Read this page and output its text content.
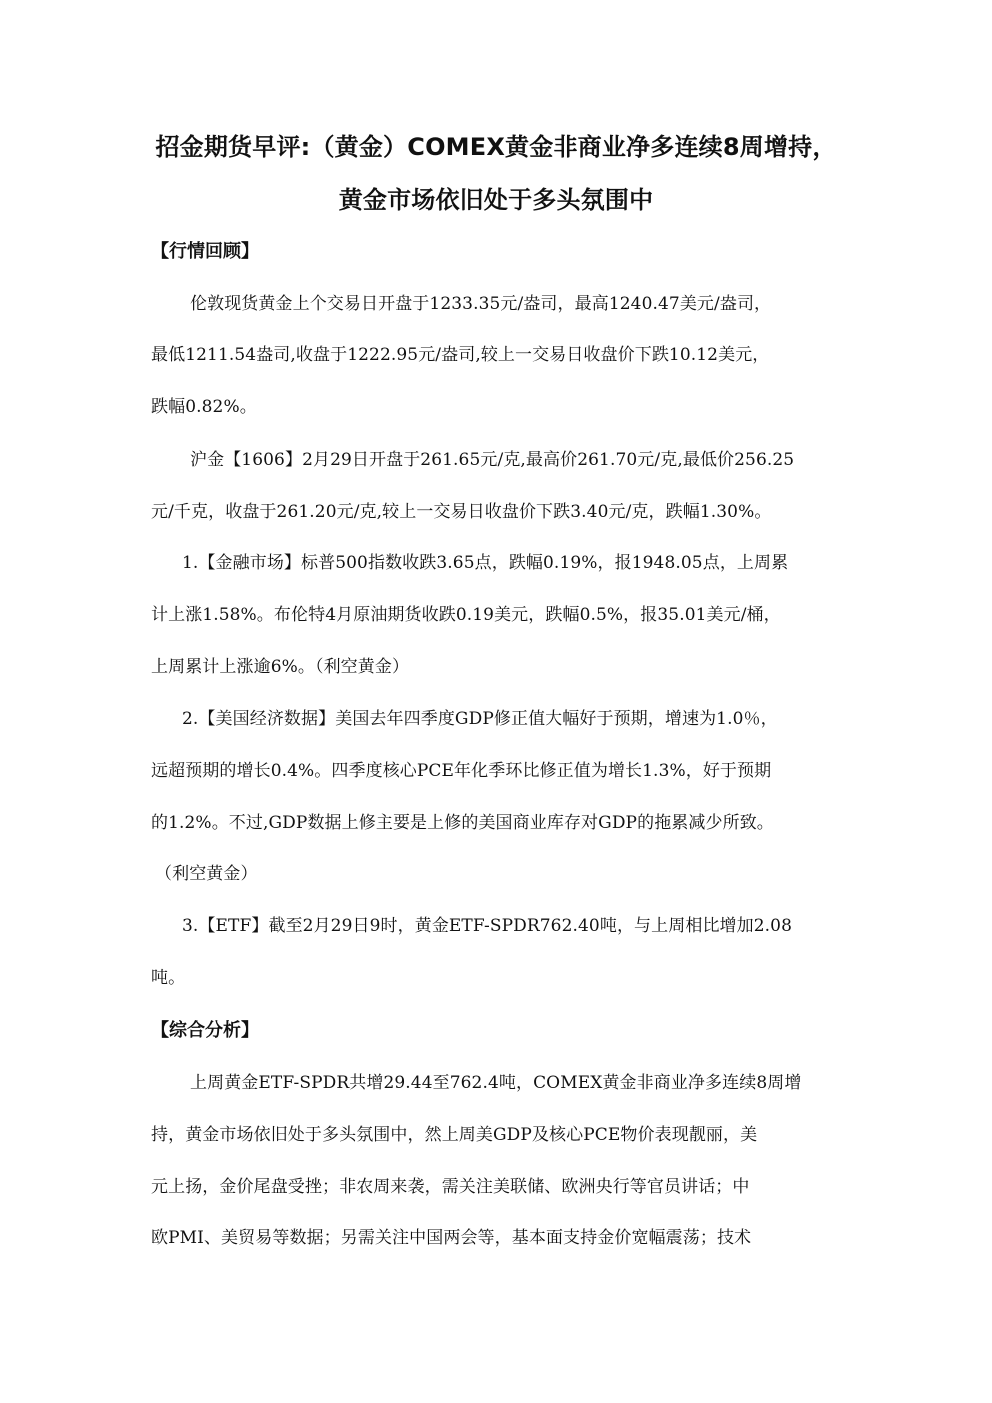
招金期货早评:（黄金）COMEX黄金非商业净多连续8周增持，
黄金市场依旧处于多头氛围中
【行情回顾】
伦敦现货黄金上个交易日开盘于1233.35元/盎司，最高1240.47美元/盎司，
最低1211.54盎司,收盘于1222.95元/盎司,较上一交易日收盘价下跌10.12美元，
跌幅0.82%。
沪金【1606】2月29日开盘于261.65元/克,最高价261.70元/克,最低价256.25
元/千克，收盘于261.20元/克,较上一交易日收盘价下跌3.40元/克，跌幅1.30%。
1.【金融市场】标普500指数收跌3.65点，跌幅0.19%，报1948.05点，上周累
计上涨1.58%。布伦特4月原油期货收跌0.19美元，跌幅0.5%，报35.01美元/桶，
上周累计上涨逾6%。（利空黄金）
2.【美国经济数据】美国去年四季度GDP修正值大幅好于预期，增速为1.0％，
远超预期的增长0.4%。四季度核心PCE年化季环比修正值为增长1.3%，好于预期
的1.2%。不过,GDP数据上修主要是上修的美国商业库存对GDP的拖累减少所致。
（利空黄金）
3.【ETF】截至2月29日9时，黄金ETF-SPDR762.40吨，与上周相比增加2.08
吨。
【综合分析】
上周黄金ETF-SPDR共增29.44至762.4吨，COMEX黄金非商业净多连续8周增
持，黄金市场依旧处于多头氛围中，然上周美GDP及核心PCE物价表现靓丽，美
元上扬，金价尾盘受挫；非农周来袭，需关注美联储、欧洲央行等官员讲话；中
欧PMI、美贸易等数据；另需关注中国两会等，基本面支持金价宽幅震荡；技术
